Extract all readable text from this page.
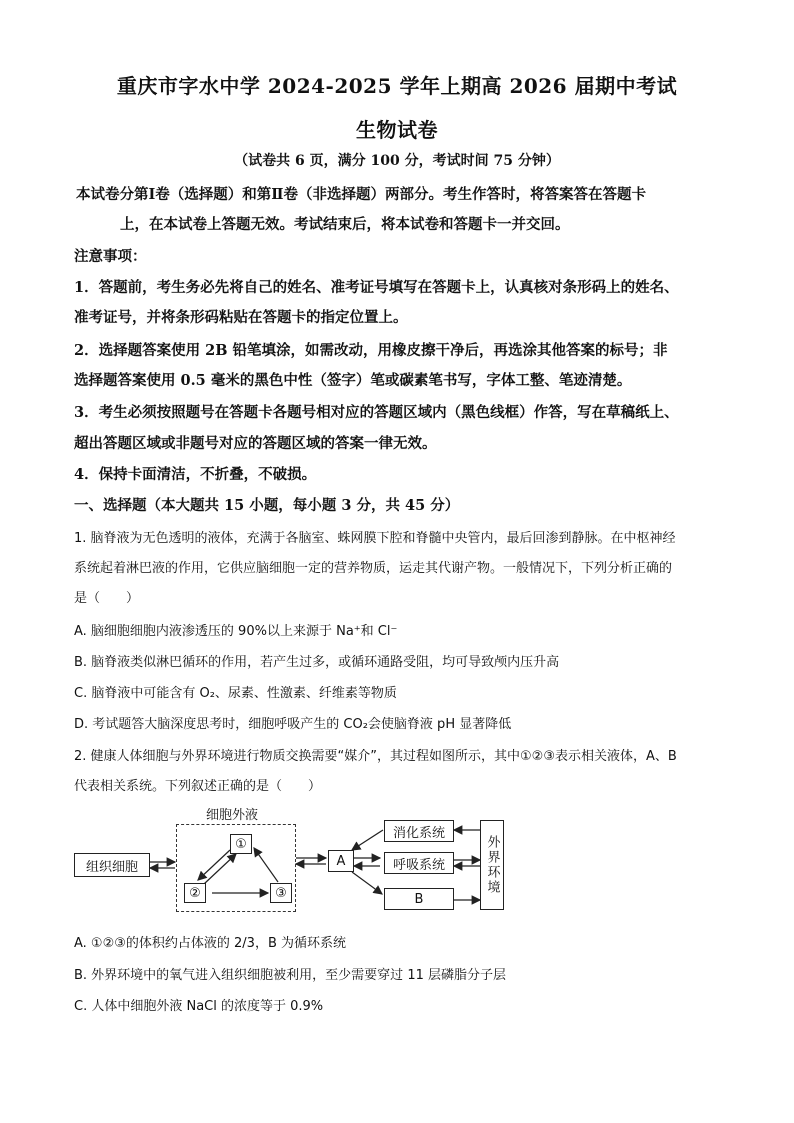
重庆市字水中学 2024-2025 学年上期高 2026 届期中考试
生物试卷
（试卷共 6 页，满分 100 分，考试时间 75 分钟）
本试卷分第Ⅰ卷（选择题）和第Ⅱ卷（非选择题）两部分。考生作答时，将答案答在答题卡
上，在本试卷上答题无效。考试结束后，将本试卷和答题卡一并交回。
注意事项：
1．答题前，考生务必先将自己的姓名、准考证号填写在答题卡上，认真核对条形码上的姓名、
准考证号，并将条形码粘贴在答题卡的指定位置上。
2．选择题答案使用 2B 铅笔填涂，如需改动，用橡皮擦干净后，再选涂其他答案的标号；非
选择题答案使用 0.5 毫米的黑色中性（签字）笔或碳素笔书写，字体工整、笔迹清楚。
3．考生必须按照题号在答题卡各题号相对应的答题区域内（黑色线框）作答，写在草稿纸上、
超出答题区域或非题号对应的答题区域的答案一律无效。
4．保持卡面清洁，不折叠，不破损。
一、选择题（本大题共 15 小题，每小题 3 分，共 45 分）
1. 脑脊液为无色透明的液体，充满于各脑室、蛛网膜下腔和脊髓中央管内，最后回渗到静脉。在中枢神经
系统起着淋巴液的作用，它供应脑细胞一定的营养物质，运走其代谢产物。一般情况下，下列分析正确的
是（　　）
A. 脑细胞细胞内液渗透压的 90%以上来源于 Na⁺和 Cl⁻
B. 脑脊液类似淋巴循环的作用，若产生过多，或循环通路受阻，均可导致颅内压升高
C. 脑脊液中可能含有 O₂、尿素、性激素、纤维素等物质
D. 考试题答大脑深度思考时，细胞呼吸产生的 CO₂会使脑脊液 pH 显著降低
2. 健康人体细胞与外界环境进行物质交换需要“媒介”，其过程如图所示，其中①②③表示相关液体，A、B
代表相关系统。下列叙述正确的是（　　）
细胞外液
组织细胞
①
②	③
A
消化系统
呼吸系统
B
外界环境
A. ①②③的体积约占体液的 2/3，B 为循环系统
B. 外界环境中的氧气进入组织细胞被利用，至少需要穿过 11 层磷脂分子层
C. 人体中细胞外液 NaCl 的浓度等于 0.9%
